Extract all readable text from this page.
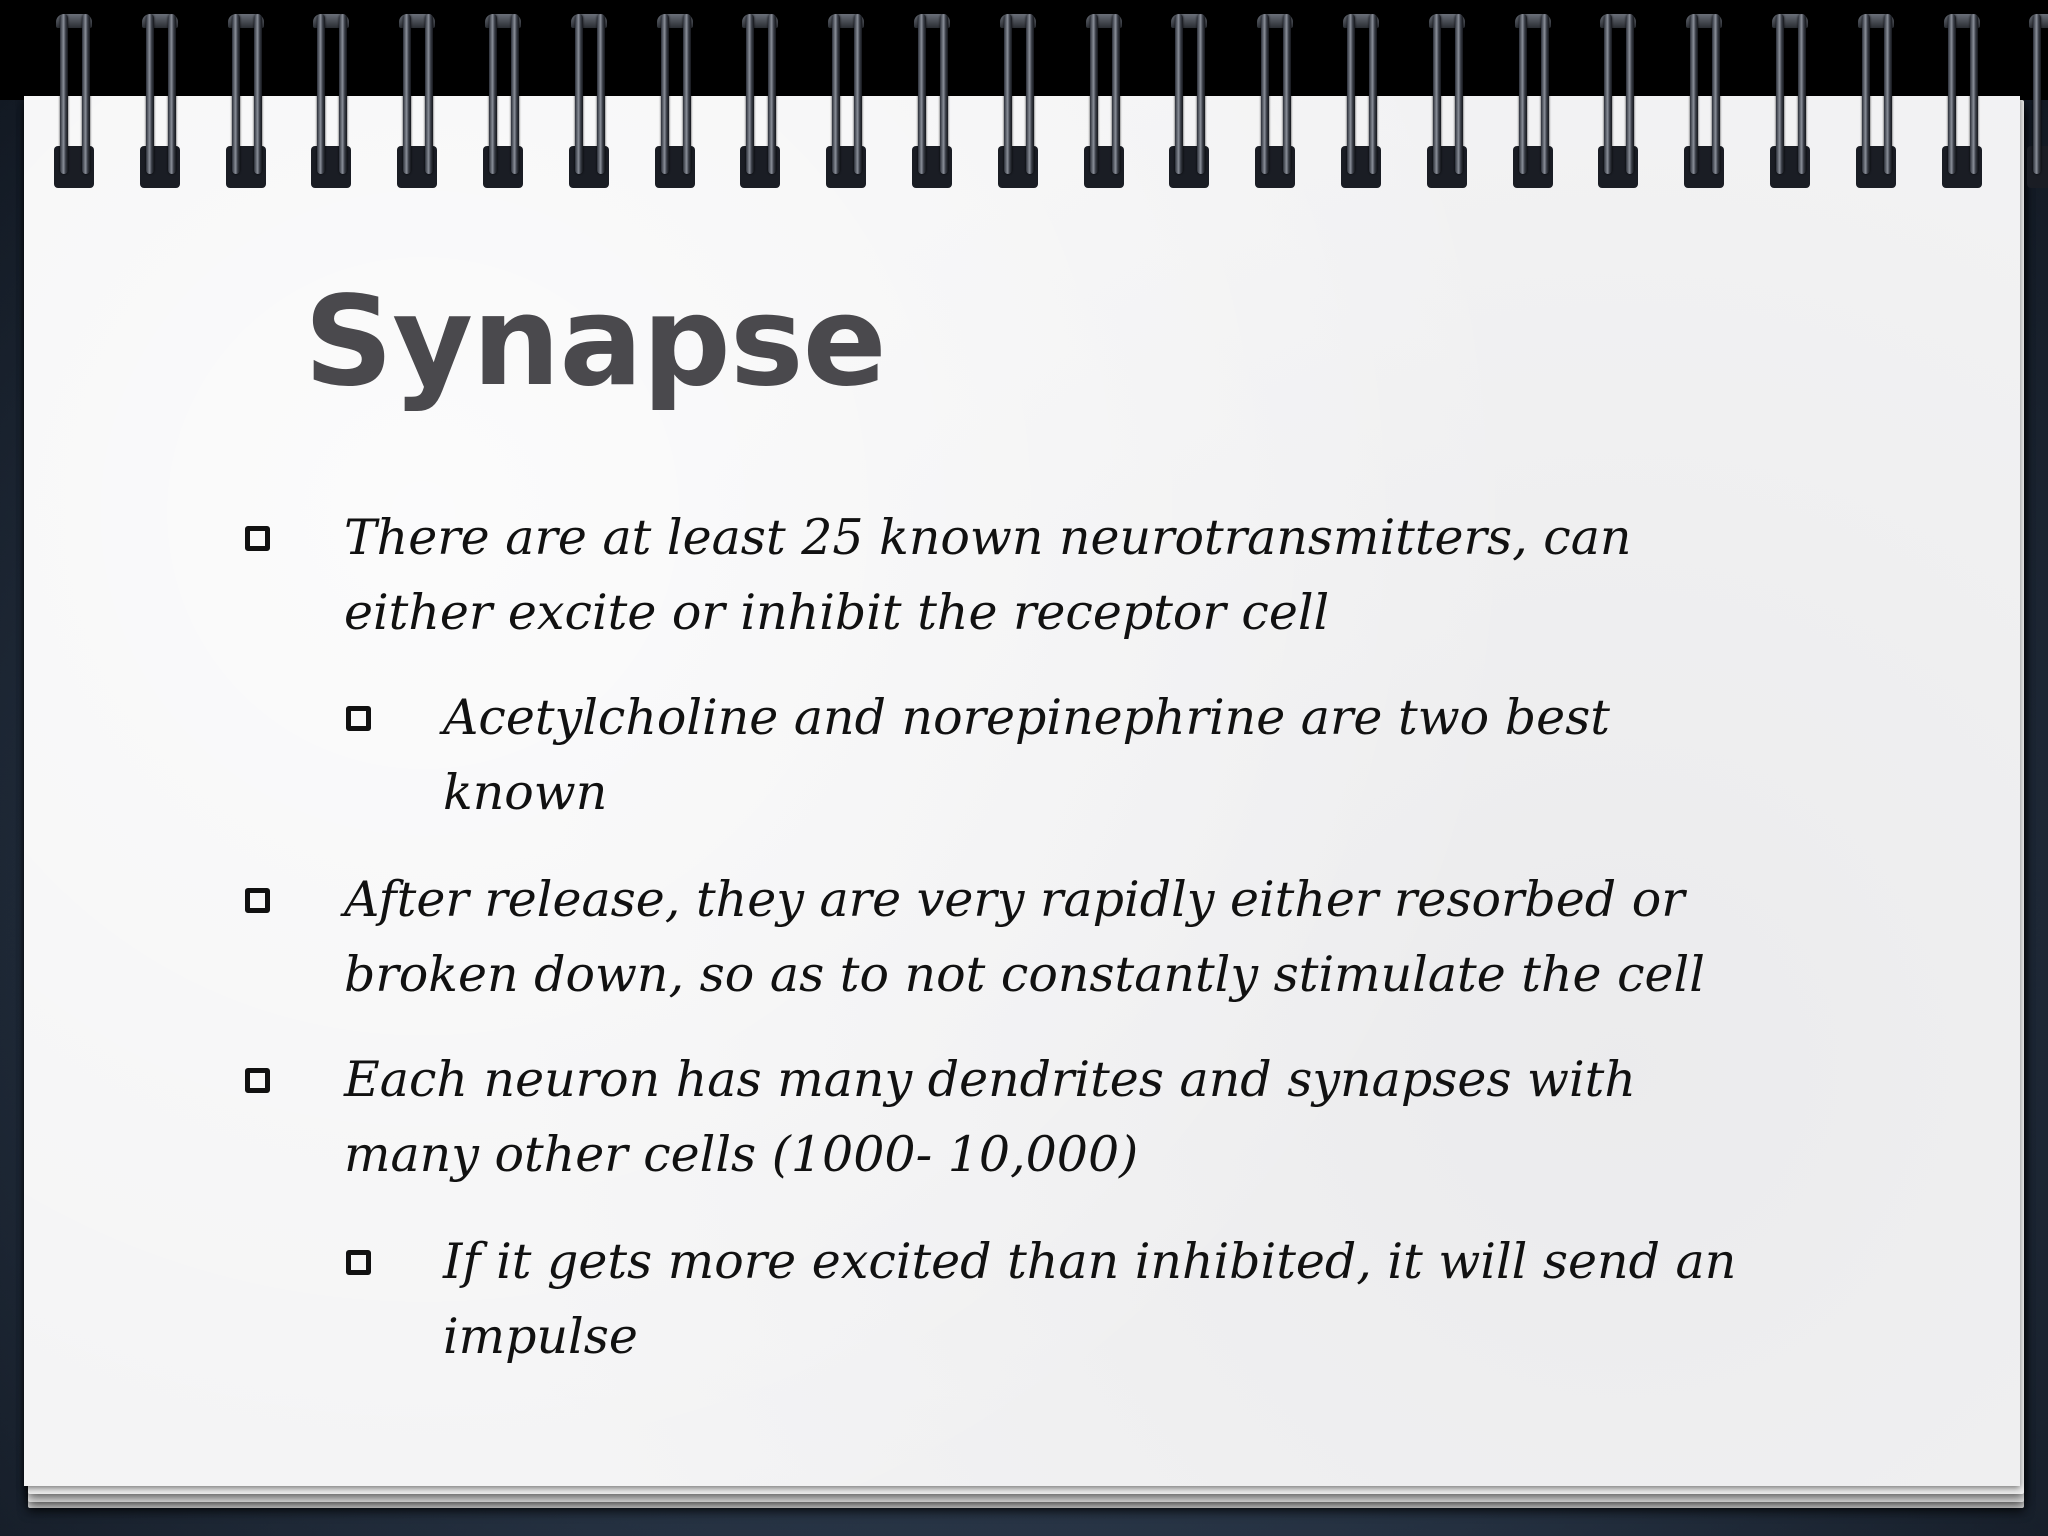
Synapse
There are at least 25 known neurotransmitters, can
either excite or inhibit the receptor cell
Acetylcholine and norepinephrine are two best
known
After release, they are very rapidly either resorbed or
broken down, so as to not constantly stimulate the cell
Each neuron has many dendrites and synapses with
many other cells (1000- 10,000)
If it gets more excited than inhibited, it will send an
impulse
